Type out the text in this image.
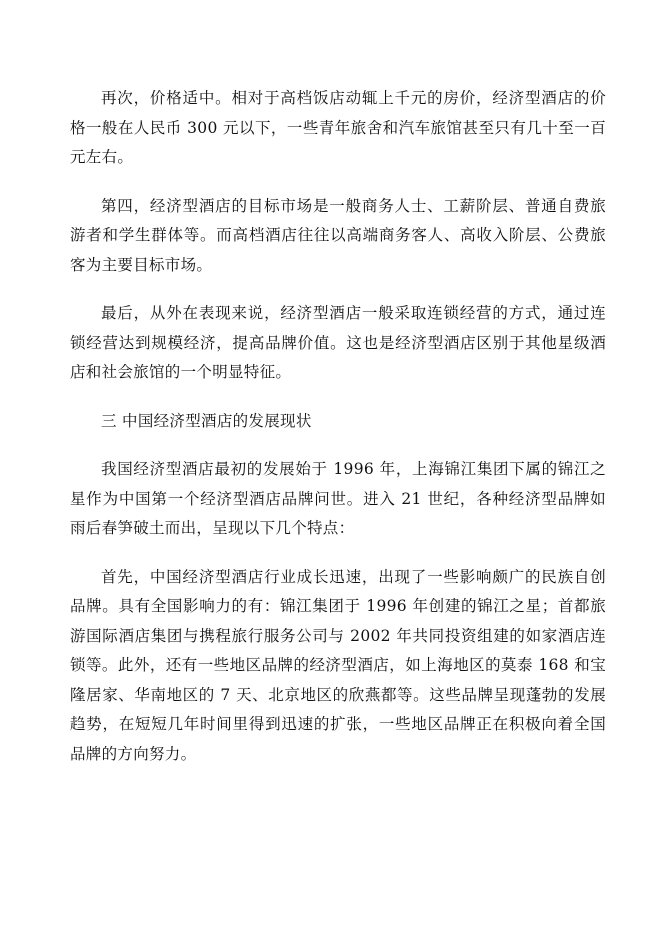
再次，价格适中。相对于高档饭店动辄上千元的房价，经济型酒店的价格一般在人民币 300 元以下，一些青年旅舍和汽车旅馆甚至只有几十至一百元左右。

第四，经济型酒店的目标市场是一般商务人士、工薪阶层、普通自费旅游者和学生群体等。而高档酒店往往以高端商务客人、高收入阶层、公费旅客为主要目标市场。

最后，从外在表现来说，经济型酒店一般采取连锁经营的方式，通过连锁经营达到规模经济，提高品牌价值。这也是经济型酒店区别于其他星级酒店和社会旅馆的一个明显特征。

三 中国经济型酒店的发展现状

我国经济型酒店最初的发展始于 1996 年，上海锦江集团下属的锦江之星作为中国第一个经济型酒店品牌问世。进入 21 世纪，各种经济型品牌如雨后春笋破土而出，呈现以下几个特点：

首先，中国经济型酒店行业成长迅速，出现了一些影响颇广的民族自创品牌。具有全国影响力的有：锦江集团于 1996 年创建的锦江之星；首都旅游国际酒店集团与携程旅行服务公司与 2002 年共同投资组建的如家酒店连锁等。此外，还有一些地区品牌的经济型酒店，如上海地区的莫泰 168 和宝隆居家、华南地区的 7 天、北京地区的欣燕都等。这些品牌呈现蓬勃的发展趋势，在短短几年时间里得到迅速的扩张，一些地区品牌正在积极向着全国品牌的方向努力。
